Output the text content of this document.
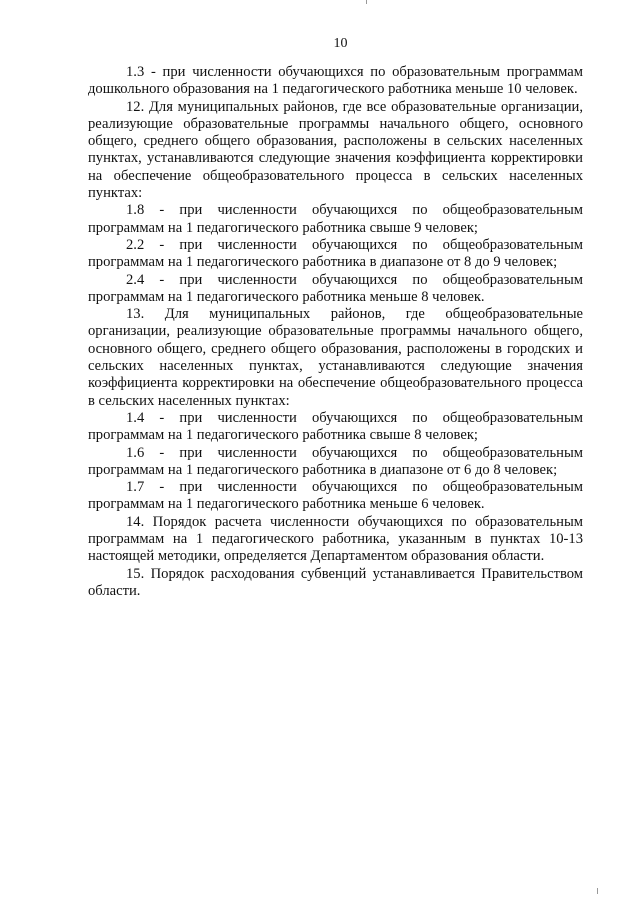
10

1.3 - при численности обучающихся по образовательным программам дошкольного образования на 1 педагогического работника меньше 10 человек.

12. Для муниципальных районов, где все образовательные организации, реализующие образовательные программы начального общего, основного общего, среднего общего образования, расположены в сельских населенных пунктах, устанавливаются следующие значения коэффициента корректировки на обеспечение общеобразовательного процесса в сельских населенных пунктах:

1.8 - при численности обучающихся по общеобразовательным программам на 1 педагогического работника свыше 9 человек;

2.2 - при численности обучающихся по общеобразовательным программам на 1 педагогического работника в диапазоне от 8 до 9 человек;

2.4 - при численности обучающихся по общеобразовательным программам на 1 педагогического работника меньше 8 человек.

13. Для муниципальных районов, где общеобразовательные организации, реализующие образовательные программы начального общего, основного общего, среднего общего образования, расположены в городских и сельских населенных пунктах, устанавливаются следующие значения коэффициента корректировки на обеспечение общеобразовательного процесса в сельских населенных пунктах:

1.4 - при численности обучающихся по общеобразовательным программам на 1 педагогического работника свыше 8 человек;

1.6 - при численности обучающихся по общеобразовательным программам на 1 педагогического работника в диапазоне от 6 до 8 человек;

1.7 - при численности обучающихся по общеобразовательным программам на 1 педагогического работника меньше 6 человек.

14. Порядок расчета численности обучающихся по образовательным программам на 1 педагогического работника, указанным в пунктах 10-13 настоящей методики, определяется Департаментом образования области.

15. Порядок расходования субвенций устанавливается Правительством области.
